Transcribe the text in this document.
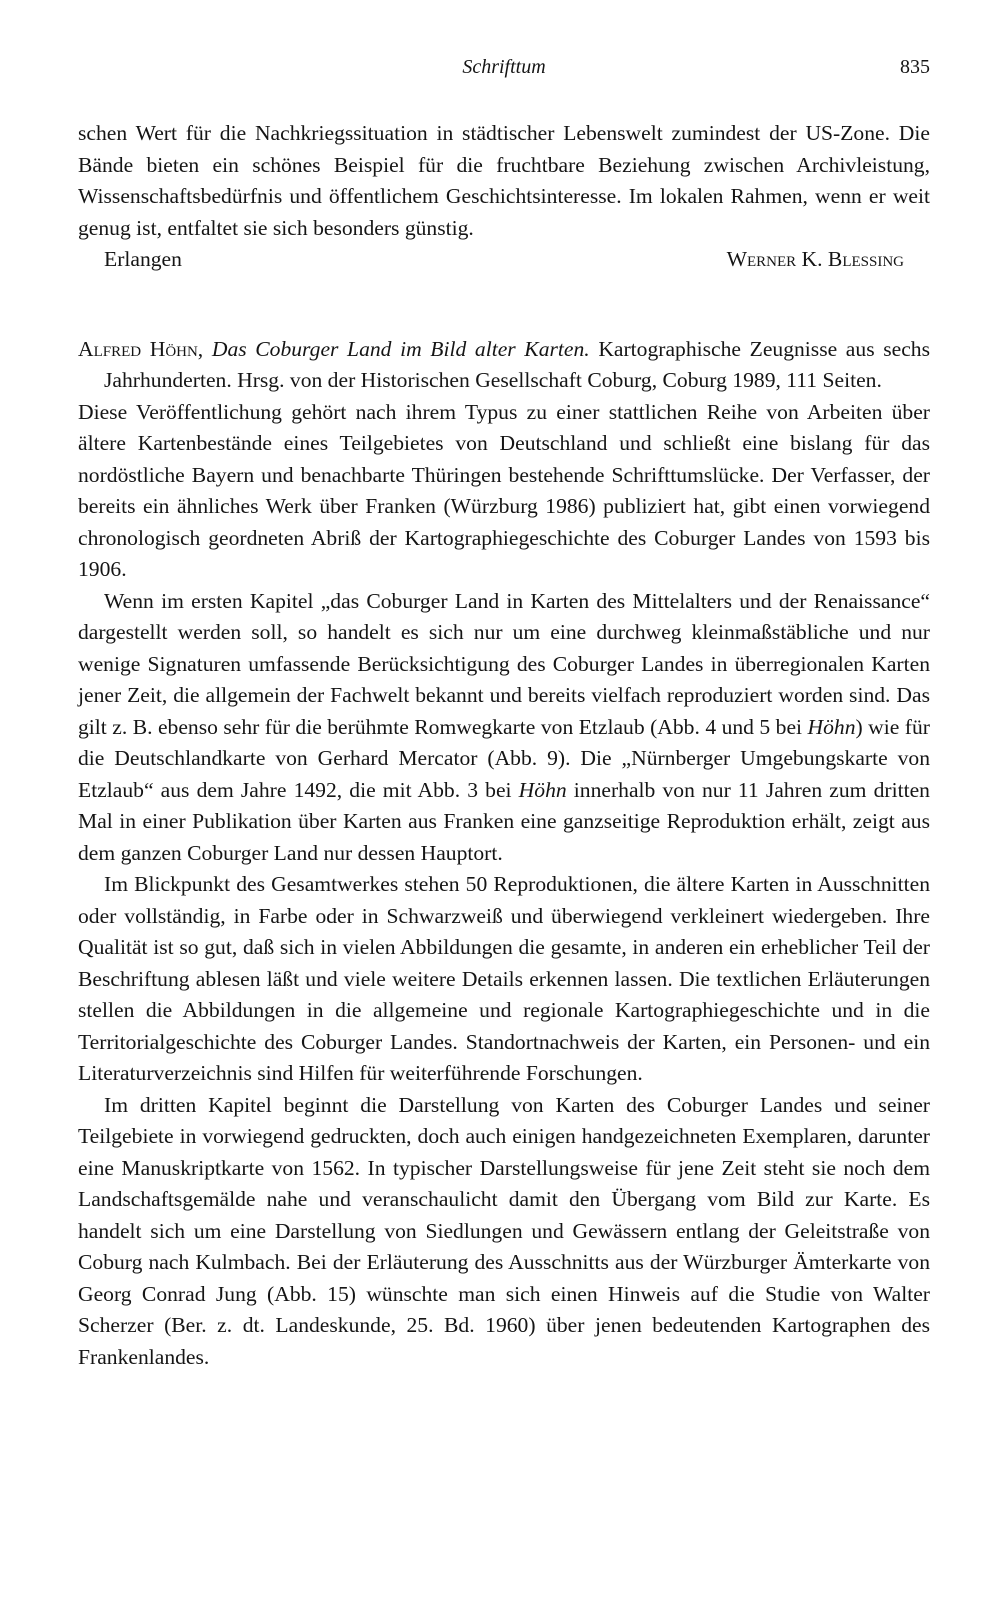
Schrifttum	835

schen Wert für die Nachkriegssituation in städtischer Lebenswelt zumindest der US-Zone. Die Bände bieten ein schönes Beispiel für die fruchtbare Beziehung zwischen Archivleistung, Wissenschaftsbedürfnis und öffentlichem Geschichtsinteresse. Im lokalen Rahmen, wenn er weit genug ist, entfaltet sie sich besonders günstig.

Erlangen	Werner K. Blessing
Alfred Höhn, Das Coburger Land im Bild alter Karten. Kartographische Zeugnisse aus sechs Jahrhunderten. Hrsg. von der Historischen Gesellschaft Coburg, Coburg 1989, 111 Seiten.

Diese Veröffentlichung gehört nach ihrem Typus zu einer stattlichen Reihe von Arbeiten über ältere Kartenbestände eines Teilgebietes von Deutschland und schließt eine bislang für das nordöstliche Bayern und benachbarte Thüringen bestehende Schrifttumslücke. Der Verfasser, der bereits ein ähnliches Werk über Franken (Würzburg 1986) publiziert hat, gibt einen vorwiegend chronologisch geordneten Abriß der Kartographiegeschichte des Coburger Landes von 1593 bis 1906.

Wenn im ersten Kapitel „das Coburger Land in Karten des Mittelalters und der Renaissance“ dargestellt werden soll, so handelt es sich nur um eine durchweg kleinmaßstäbliche und nur wenige Signaturen umfassende Berücksichtigung des Coburger Landes in überregionalen Karten jener Zeit, die allgemein der Fachwelt bekannt und bereits vielfach reproduziert worden sind. Das gilt z. B. ebenso sehr für die berühmte Romwegkarte von Etzlaub (Abb. 4 und 5 bei Höhn) wie für die Deutschlandkarte von Gerhard Mercator (Abb. 9). Die „Nürnberger Umgebungskarte von Etzlaub“ aus dem Jahre 1492, die mit Abb. 3 bei Höhn innerhalb von nur 11 Jahren zum dritten Mal in einer Publikation über Karten aus Franken eine ganzseitige Reproduktion erhält, zeigt aus dem ganzen Coburger Land nur dessen Hauptort.

Im Blickpunkt des Gesamtwerkes stehen 50 Reproduktionen, die ältere Karten in Ausschnitten oder vollständig, in Farbe oder in Schwarzweiß und überwiegend verkleinert wiedergeben. Ihre Qualität ist so gut, daß sich in vielen Abbildungen die gesamte, in anderen ein erheblicher Teil der Beschriftung ablesen läßt und viele weitere Details erkennen lassen. Die textlichen Erläuterungen stellen die Abbildungen in die allgemeine und regionale Kartographiegeschichte und in die Territorialgeschichte des Coburger Landes. Standortnachweis der Karten, ein Personen- und ein Literaturverzeichnis sind Hilfen für weiterführende Forschungen.

Im dritten Kapitel beginnt die Darstellung von Karten des Coburger Landes und seiner Teilgebiete in vorwiegend gedruckten, doch auch einigen handgezeichneten Exemplaren, darunter eine Manuskriptkarte von 1562. In typischer Darstellungsweise für jene Zeit steht sie noch dem Landschaftsgemälde nahe und veranschaulicht damit den Übergang vom Bild zur Karte. Es handelt sich um eine Darstellung von Siedlungen und Gewässern entlang der Geleitstraße von Coburg nach Kulmbach. Bei der Erläuterung des Ausschnitts aus der Würzburger Ämterkarte von Georg Conrad Jung (Abb. 15) wünschte man sich einen Hinweis auf die Studie von Walter Scherzer (Ber. z. dt. Landeskunde, 25. Bd. 1960) über jenen bedeutenden Kartographen des Frankenlandes.
